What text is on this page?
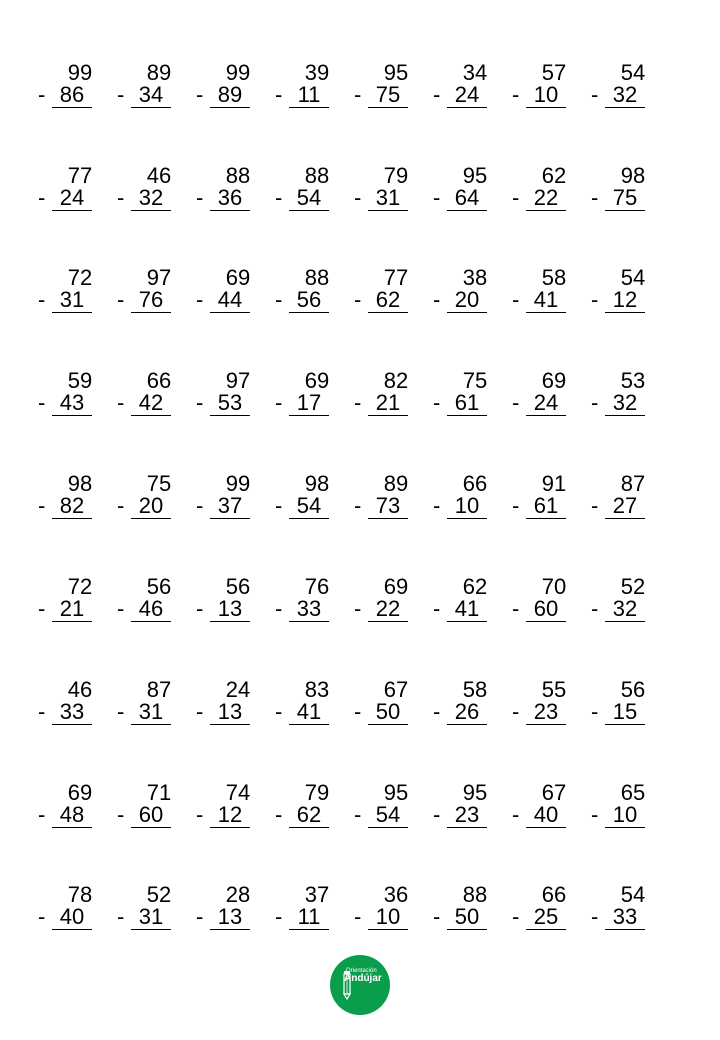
Orientación
Andújar
99
- 86
89
- 34
99
- 89
39
- 11
95
- 75
34
- 24
57
- 10
54
- 32
77
- 24
46
- 32
88
- 36
88
- 54
79
- 31
95
- 64
62
- 22
98
- 75
72
- 31
97
- 76
69
- 44
88
- 56
77
- 62
38
- 20
58
- 41
54
- 12
59
- 43
66
- 42
97
- 53
69
- 17
82
- 21
75
- 61
69
- 24
53
- 32
98
- 82
75
- 20
99
- 37
98
- 54
89
- 73
66
- 10
91
- 61
87
- 27
72
- 21
56
- 46
56
- 13
76
- 33
69
- 22
62
- 41
70
- 60
52
- 32
46
- 33
87
- 31
24
- 13
83
- 41
67
- 50
58
- 26
55
- 23
56
- 15
69
- 48
71
- 60
74
- 12
79
- 62
95
- 54
95
- 23
67
- 40
65
- 10
78
- 40
52
- 31
28
- 13
37
- 11
36
- 10
88
- 50
66
- 25
54
- 33
